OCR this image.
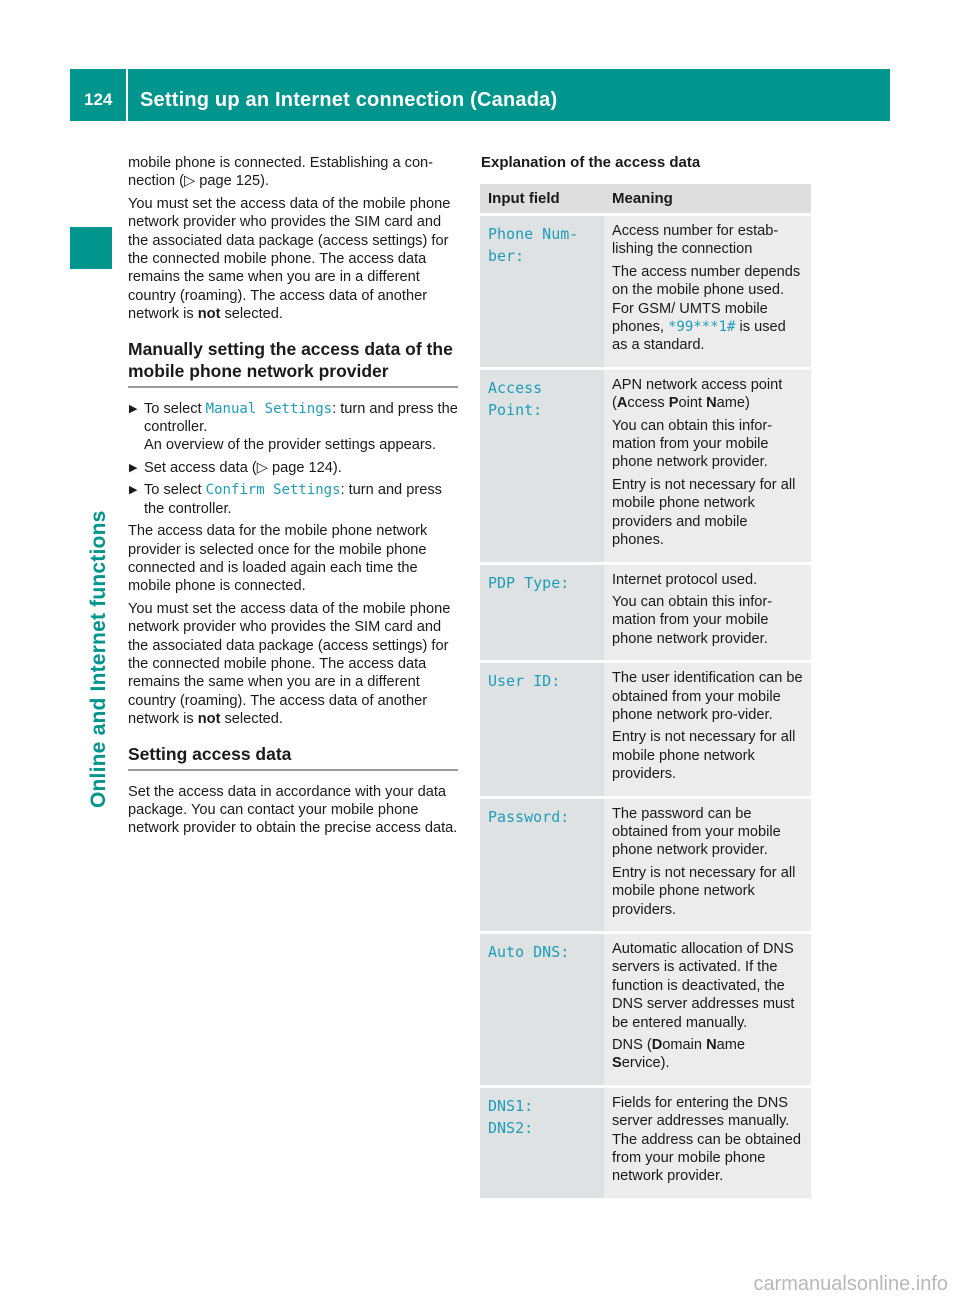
124 Setting up an Internet connection (Canada)
Online and Internet functions

mobile phone is connected. Establishing a con-nection (▷ page 125).

You must set the access data of the mobile phone network provider who provides the SIM card and the associated data package (access settings) for the connected mobile phone. The access data remains the same when you are in a different country (roaming). The access data of another network is not selected.

Manually setting the access data of the mobile phone network provider
▶ To select Manual Settings: turn and press the controller.
An overview of the provider settings appears.
▶ Set access data (▷ page 124).
▶ To select Confirm Settings: turn and press the controller.

The access data for the mobile phone network provider is selected once for the mobile phone connected and is loaded again each time the mobile phone is connected.

You must set the access data of the mobile phone network provider who provides the SIM card and the associated data package (access settings) for the connected mobile phone. The access data remains the same when you are in a different country (roaming). The access data of another network is not selected.

Setting access data

Set the access data in accordance with your data package. You can contact your mobile phone network provider to obtain the precise access data.

Explanation of the access data
Input field	Meaning

Phone Num‐ber:	Access number for estab-lishing the connection

The access number depends on the mobile phone used. For GSM/ UMTS mobile phones, *99***1# is used as a standard.

Access Point:	APN network access point (Access Point Name)

You can obtain this infor-mation from your mobile phone network provider.

Entry is not necessary for all mobile phone network providers and mobile phones.

PDP Type:	Internet protocol used.

You can obtain this infor-mation from your mobile phone network provider.

User ID:	The user identification can be obtained from your mobile phone network pro-vider.

Entry is not necessary for all mobile phone network providers.

Password:	The password can be obtained from your mobile phone network provider.

Entry is not necessary for all mobile phone network providers.

Auto DNS:	Automatic allocation of DNS servers is activated. If the function is deactivated, the DNS server addresses must be entered manually.

DNS (Domain Name Service).

DNS1:
DNS2:	Fields for entering the DNS server addresses manually. The address can be obtained from your mobile phone network provider.

carmanualsonline.info
